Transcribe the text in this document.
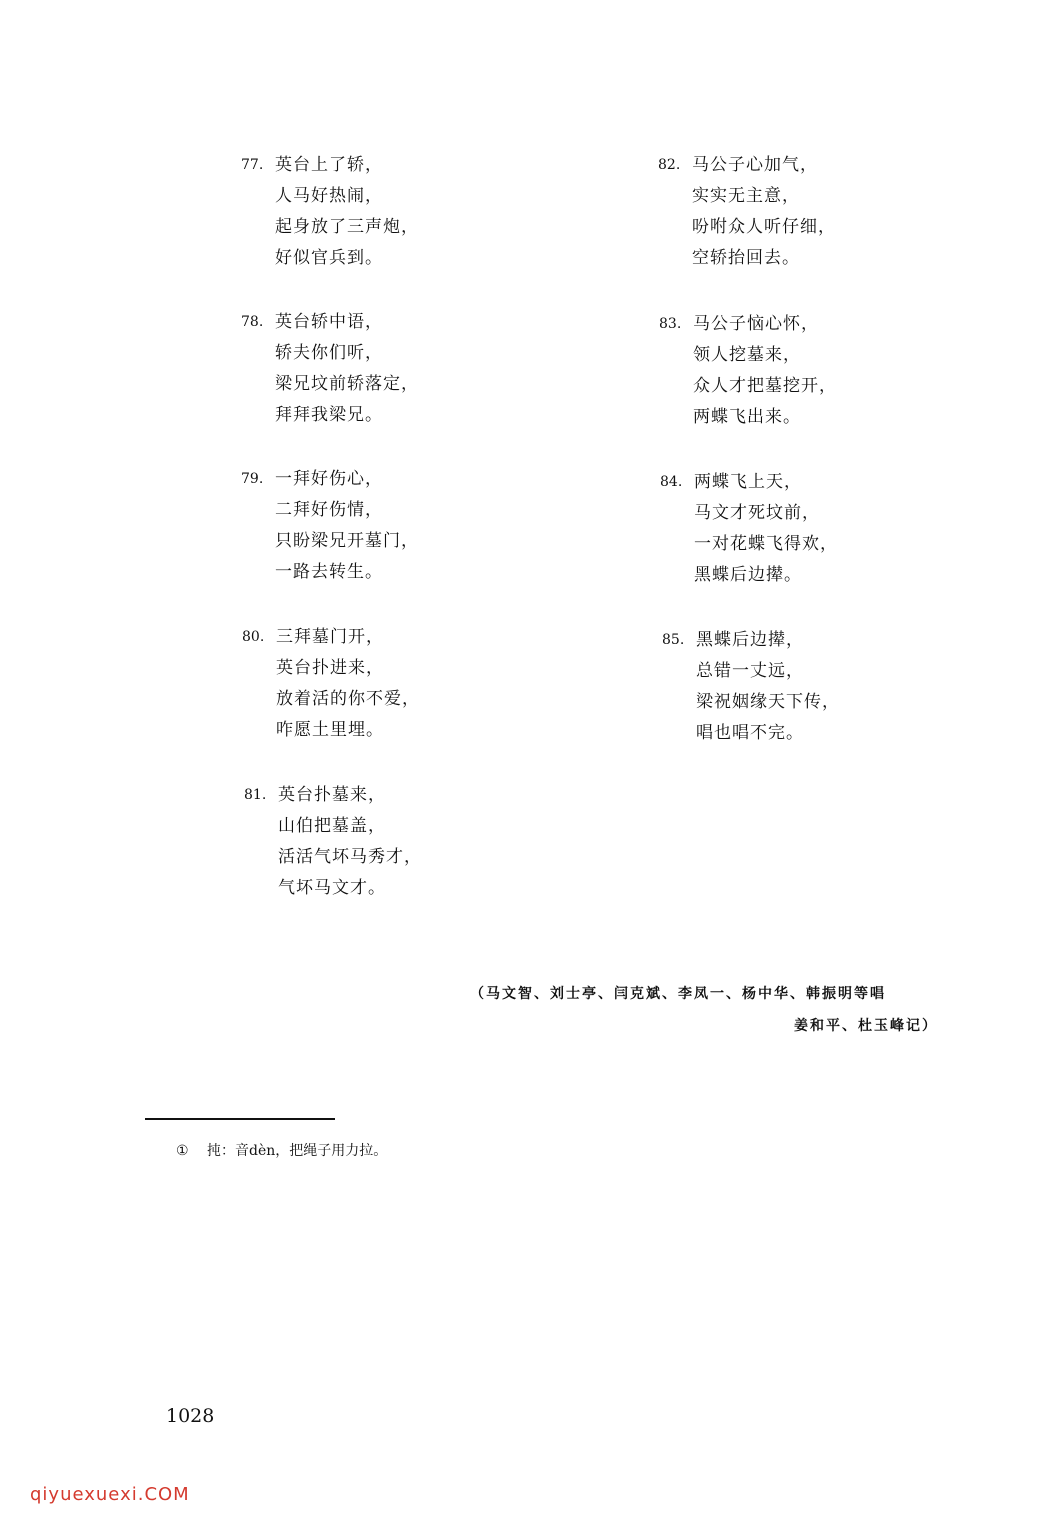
77. 英台上了轿，
人马好热闹，
起身放了三声炮，
好似官兵到。
78. 英台轿中语，
轿夫你们听，
梁兄坟前轿落定，
拜拜我梁兄。
79. 一拜好伤心，
二拜好伤情，
只盼梁兄开墓门，
一路去转生。
80. 三拜墓门开，
英台扑进来，
放着活的你不爱，
咋愿土里埋。
81. 英台扑墓来，
山伯把墓盖，
活活气坏马秀才，
气坏马文才。
82. 马公子心加气，
实实无主意，
吩咐众人听仔细，
空轿抬回去。
83. 马公子恼心怀，
领人挖墓来，
众人才把墓挖开，
两蝶飞出来。
84. 两蝶飞上天，
马文才死坟前，
一对花蝶飞得欢，
黑蝶后边撵。
85. 黑蝶后边撵，
总错一丈远，
梁祝姻缘天下传，
唱也唱不完。
（马文智、刘士亭、闫克斌、李凤一、杨中华、韩振明等唱
姜和平、杜玉峰记）
① 扽：音dèn，把绳子用力拉。
1028
qiyuexuexi.COM
